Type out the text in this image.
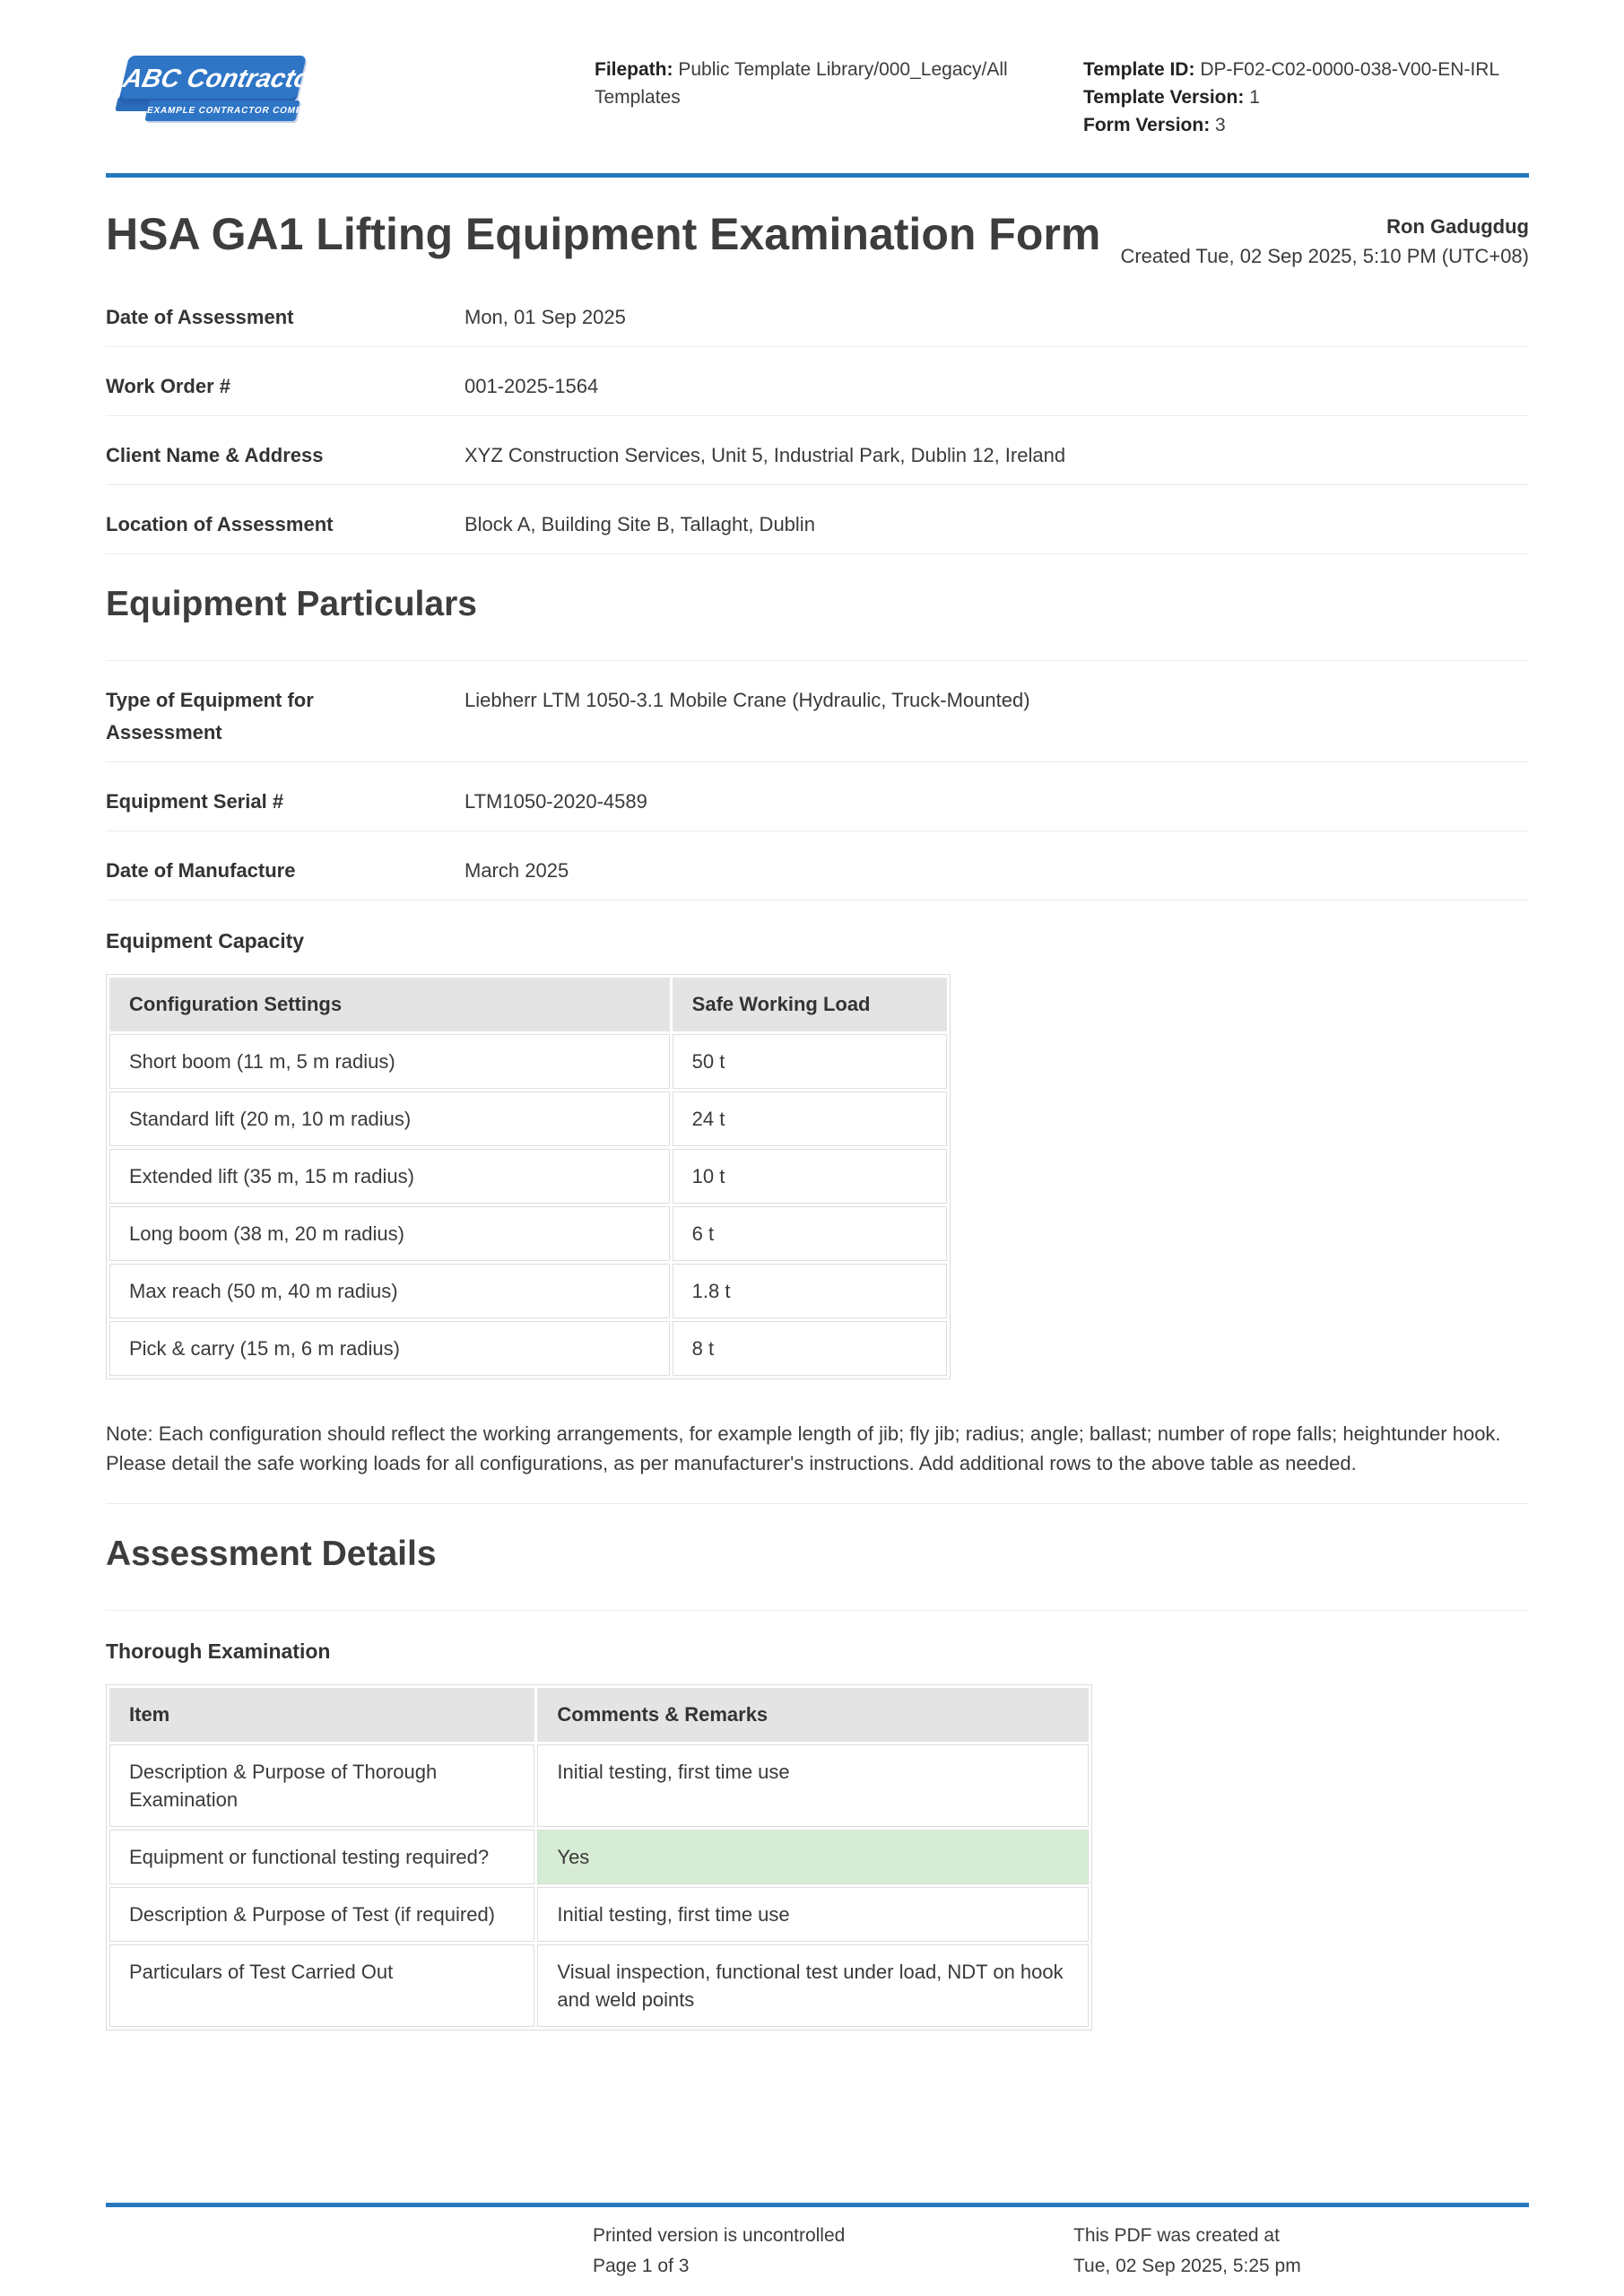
ABC Contractors
EXAMPLE CONTRACTOR COMPANY
Filepath: Public Template Library/000_Legacy/All Templates
Template ID: DP-F02-C02-0000-038-V00-EN-IRL
Template Version: 1
Form Version: 3
HSA GA1 Lifting Equipment Examination Form	Ron Gadugdug
Created Tue, 02 Sep 2025, 5:10 PM (UTC+08)
Date of Assessment	Mon, 01 Sep 2025
Work Order #	001-2025-1564
Client Name & Address	XYZ Construction Services, Unit 5, Industrial Park, Dublin 12, Ireland
Location of Assessment	Block A, Building Site B, Tallaght, Dublin
Equipment Particulars
Type of Equipment for Assessment
Liebherr LTM 1050-3.1 Mobile Crane (Hydraulic, Truck-Mounted)
Equipment Serial #	LTM1050-2020-4589
Date of Manufacture	March 2025
Equipment Capacity
Configuration Settings	Safe Working Load
Short boom (11 m, 5 m radius)	50 t
Standard lift (20 m, 10 m radius)	24 t
Extended lift (35 m, 15 m radius)	10 t
Long boom (38 m, 20 m radius)	6 t
Max reach (50 m, 40 m radius)	1.8 t
Pick & carry (15 m, 6 m radius)	8 t

Note: Each configuration should reflect the working arrangements, for example length of jib; fly jib; radius; angle; ballast; number of rope falls; heightunder hook. Please detail the safe working loads for all configurations, as per manufacturer's instructions. Add additional rows to the above table as needed.

Assessment Details
Thorough Examination
Item	Comments & Remarks
Description & Purpose of Thorough Examination	Initial testing, first time use
Equipment or functional testing required?	Yes
Description & Purpose of Test (if required)	Initial testing, first time use
Particulars of Test Carried Out	Visual inspection, functional test under load, NDT on hook and weld points
Printed version is uncontrolled
Page 1 of 3
This PDF was created at
Tue, 02 Sep 2025, 5:25 pm
